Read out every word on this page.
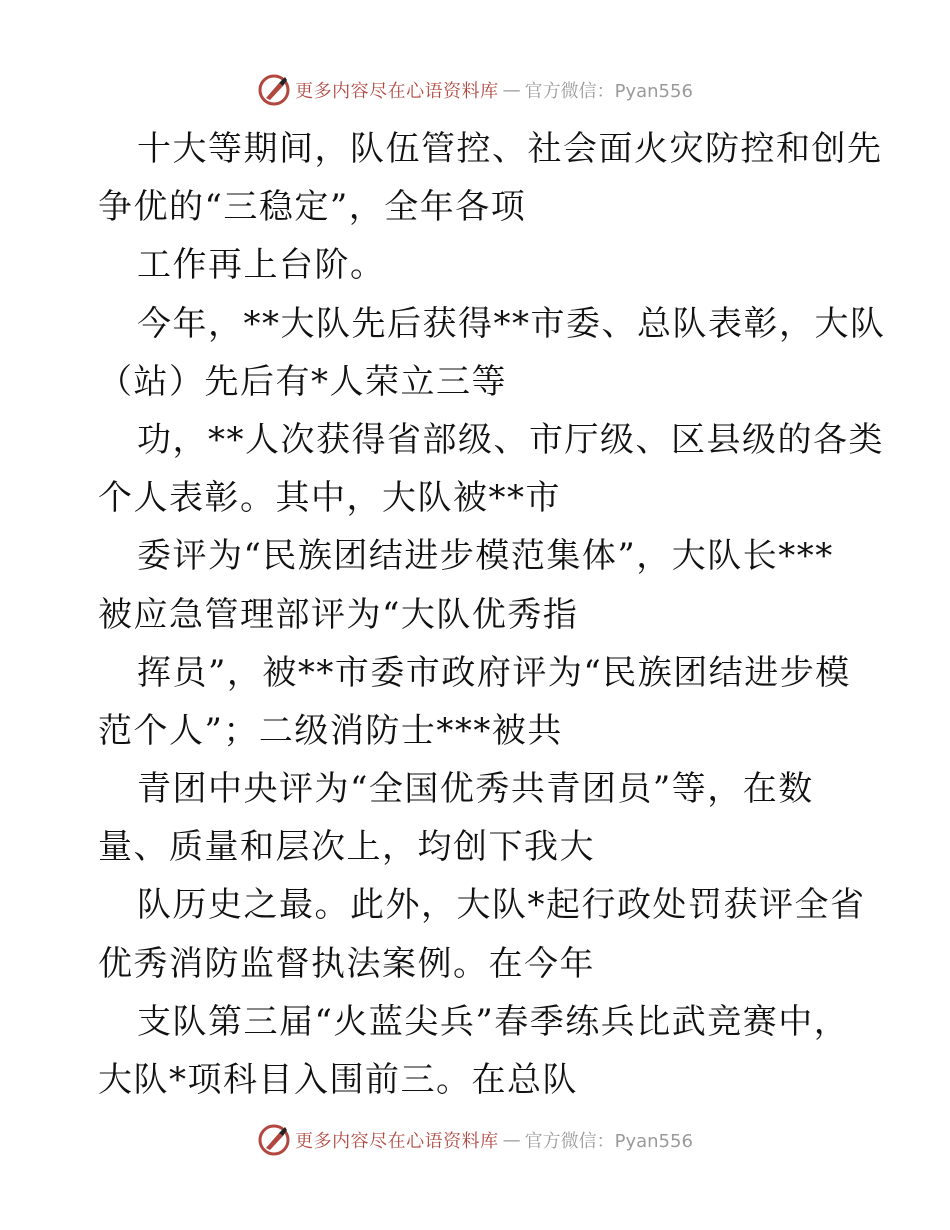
更多内容尽在心语资料库 — 官方微信：Pyan556
十大等期间，队伍管控、社会面火灾防控和创先
争优的“三稳定”，全年各项
工作再上台阶。
今年，**大队先后获得**市委、总队表彰，大队
（站）先后有*人荣立三等
功，**人次获得省部级、市厅级、区县级的各类
个人表彰。其中，大队被**市
委评为“民族团结进步模范集体”，大队长***
被应急管理部评为“大队优秀指
挥员”，被**市委市政府评为“民族团结进步模
范个人”；二级消防士***被共
青团中央评为“全国优秀共青团员”等，在数
量、质量和层次上，均创下我大
队历史之最。此外，大队*起行政处罚获评全省
优秀消防监督执法案例。在今年
支队第三届“火蓝尖兵”春季练兵比武竞赛中，
大队*项科目入围前三。在总队
更多内容尽在心语资料库 — 官方微信：Pyan556
